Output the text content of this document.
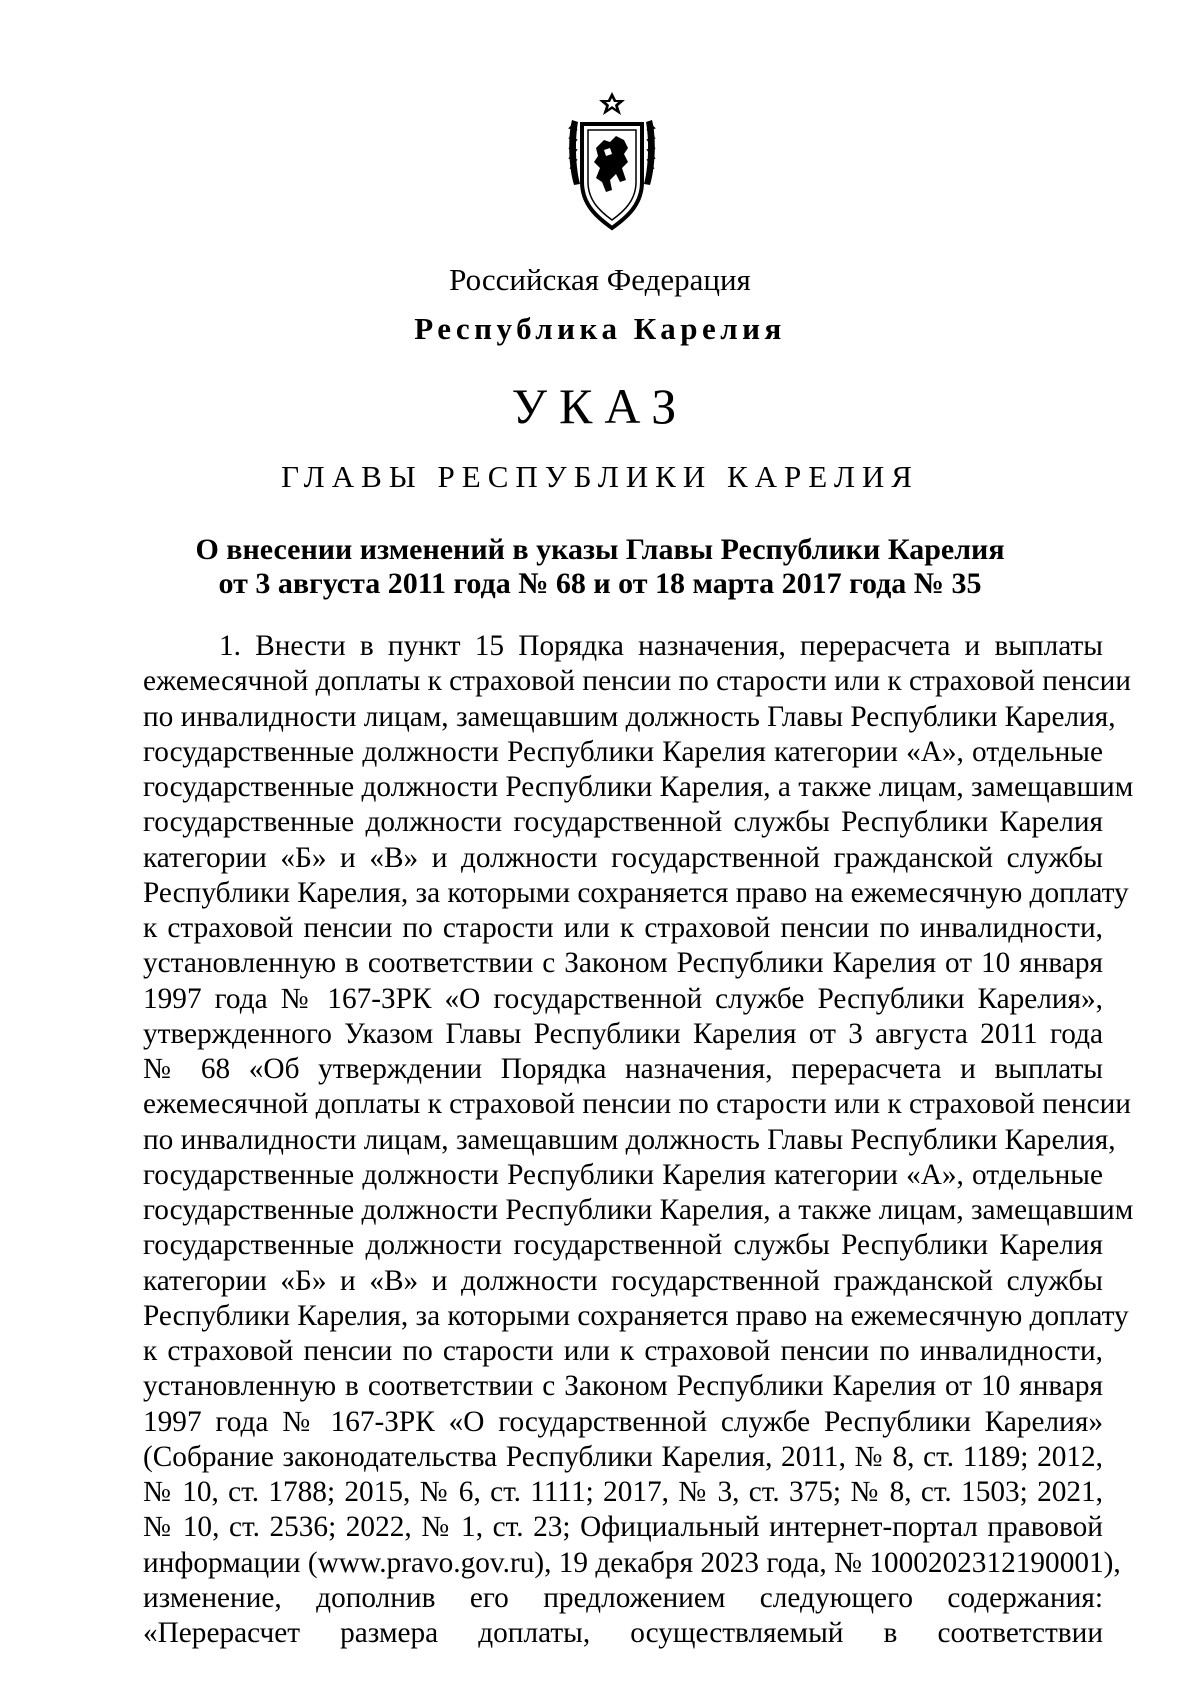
Российская Федерация
Республика Карелия
УКАЗ
ГЛАВЫ РЕСПУБЛИКИ КАРЕЛИЯ
О внесении изменений в указы Главы Республики Карелия
от 3 августа 2011 года № 68 и от 18 марта 2017 года № 35
1. Внести в пункт 15 Порядка назначения, перерасчета и выплаты
ежемесячной доплаты к страховой пенсии по старости или к страховой пенсии
по инвалидности лицам, замещавшим должность Главы Республики Карелия,
государственные должности Республики Карелия категории «А», отдельные
государственные должности Республики Карелия, а также лицам, замещавшим
государственные должности государственной службы Республики Карелия
категории «Б» и «В» и должности государственной гражданской службы
Республики Карелия, за которыми сохраняется право на ежемесячную доплату
к страховой пенсии по старости или к страховой пенсии по инвалидности,
установленную в соответствии с Законом Республики Карелия от 10 января
1997 года № 167-ЗРК «О государственной службе Республики Карелия»,
утвержденного Указом Главы Республики Карелия от 3 августа 2011 года
№ 68 «Об утверждении Порядка назначения, перерасчета и выплаты
ежемесячной доплаты к страховой пенсии по старости или к страховой пенсии
по инвалидности лицам, замещавшим должность Главы Республики Карелия,
государственные должности Республики Карелия категории «А», отдельные
государственные должности Республики Карелия, а также лицам, замещавшим
государственные должности государственной службы Республики Карелия
категории «Б» и «В» и должности государственной гражданской службы
Республики Карелия, за которыми сохраняется право на ежемесячную доплату
к страховой пенсии по старости или к страховой пенсии по инвалидности,
установленную в соответствии с Законом Республики Карелия от 10 января
1997 года № 167-ЗРК «О государственной службе Республики Карелия»
(Собрание законодательства Республики Карелия, 2011, № 8, ст. 1189; 2012,
№ 10, ст. 1788; 2015, № 6, ст. 1111; 2017, № 3, ст. 375; № 8, ст. 1503; 2021,
№ 10, ст. 2536; 2022, № 1, ст. 23; Официальный интернет-портал правовой
информации (www.pravo.gov.ru), 19 декабря 2023 года, № 1000202312190001),
изменение, дополнив его предложением следующего содержания:
«Перерасчет размера доплаты, осуществляемый в соответствии
